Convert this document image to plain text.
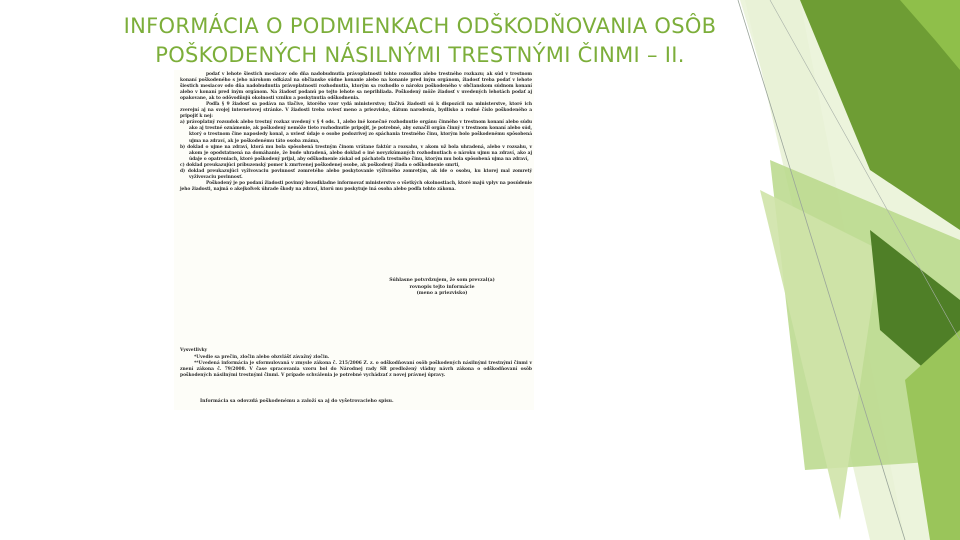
INFORMÁCIA O PODMIENKACH ODŠKODŇOVANIA OSÔB
POŠKODENÝCH NÁSILNÝMI TRESTNÝMI ČINMI – II.

podať v lehote šiestich mesiacov odo dňa nadobudnutia právoplatnosti tohto rozsudku alebo trestného rozkazu; ak súd v trestnom konaní poškodeného s jeho nárokom odkázal na občianske súdne konanie alebo na konanie pred iným orgánom, žiadosť treba podať v lehote šiestich mesiacov odo dňa nadobudnutia právoplatnosti rozhodnutia, ktorým sa rozhodlo o nároku poškodeného v občianskom súdnom konaní alebo v konaní pred iným orgánom. Na žiadosť podanú po tejto lehote sa neprihliada. Poškodený môže žiadosť v uvedených lehotách podať aj opakovane, ak to odôvodňujú okolnosti vzniku a poskytnutia odškodnenia.

Podľa § 9 žiadosť sa podáva na tlačive, ktorého vzor vydá ministerstvo; tlačivá žiadosti sú k dispozícii na ministerstve, ktoré ich zverejní aj na svojej internetovej stránke. V žiadosti treba uviesť meno a priezvisko, dátum narodenia, bydlisko a rodné číslo poškodeného a pripojiť k nej:

a) právoplatný rozsudok alebo trestný rozkaz uvedený v § 4 ods. 1, alebo iné konečné rozhodnutie orgánu činného v trestnom konaní alebo súdu ako aj trestné oznámenie, ak poškodený nemôže tieto rozhodnutie pripojiť, je potrebné, aby označil orgán činný v trestnom konaní alebo súd, ktorý o trestnom čine naposledy konal, a uviesť údaje o osobe podozrivej zo spáchania trestného činu, ktorým bolo poškodenému spôsobená ujma na zdraví, ak je poškodenému táto osoba známa,

b) doklad o ujme na zdraví, ktorá mu bola spôsobená trestným činom vrátane faktúr a rozsahu, v akom už bola uhradená, alebo v rozsahu, v akom je opodstatnená na domáhanie, že bude uhradená, alebo doklad o iné novyzkúmaných rozhodnutiach o nároku ujmu na zdraví, ako aj údaje o opatreniach, ktoré poškodený prijal, aby odškodnenie získal od páchateľa trestného činu, ktorým mu bola spôsobená ujma na zdraví,

c) doklad preukazujúci príbuzenský pomer k zmrtvenej poškodenej osobe, ak poškodený žiada o odškodnenie smrti,

d) doklad preukazujúci vyživovaciu povinnosť zomretého alebo poskytovanie výživného zomretým, ak ide o osobu, ku ktorej mal zomretý vyživovaciu povinnosť.

Poškodený je po podaní žiadosti povinný bezodkladne informovať ministerstvo o všetkých okolnostiach, ktoré majú vplyv na posúdenie jeho žiadosti, najmä o akejkoľvek úhrade škody na zdraví, ktorú mu poskytuje iná osoba alebo podľa tohto zákona.

Súhlasne potvrdzujem, že som prevzal(a)
rovnopis tejto informácie
(meno a priezvisko)

Vysvetlivky

*Uvedie sa prečin, zločin alebo obzvlášť závažný zločin.

**Uvedená informácia je sformulovaná v zmysle zákona č. 215/2006 Z. z. o odškodňovaní osôb poškodených násilnými trestnými činmi v znení zákona č. 79/2008. V čase spracovania vzoru bol do Národnej rady SR predložený vládny návrh zákona o odškodňovaní osôb poškodených násilnými trestnými činmi. V prípade schválenia je potrebné vychádzať z novej právnej úpravy.

Informácia sa odovzdá poškodenému a založí sa aj do vyšetrovacieho spisu.
